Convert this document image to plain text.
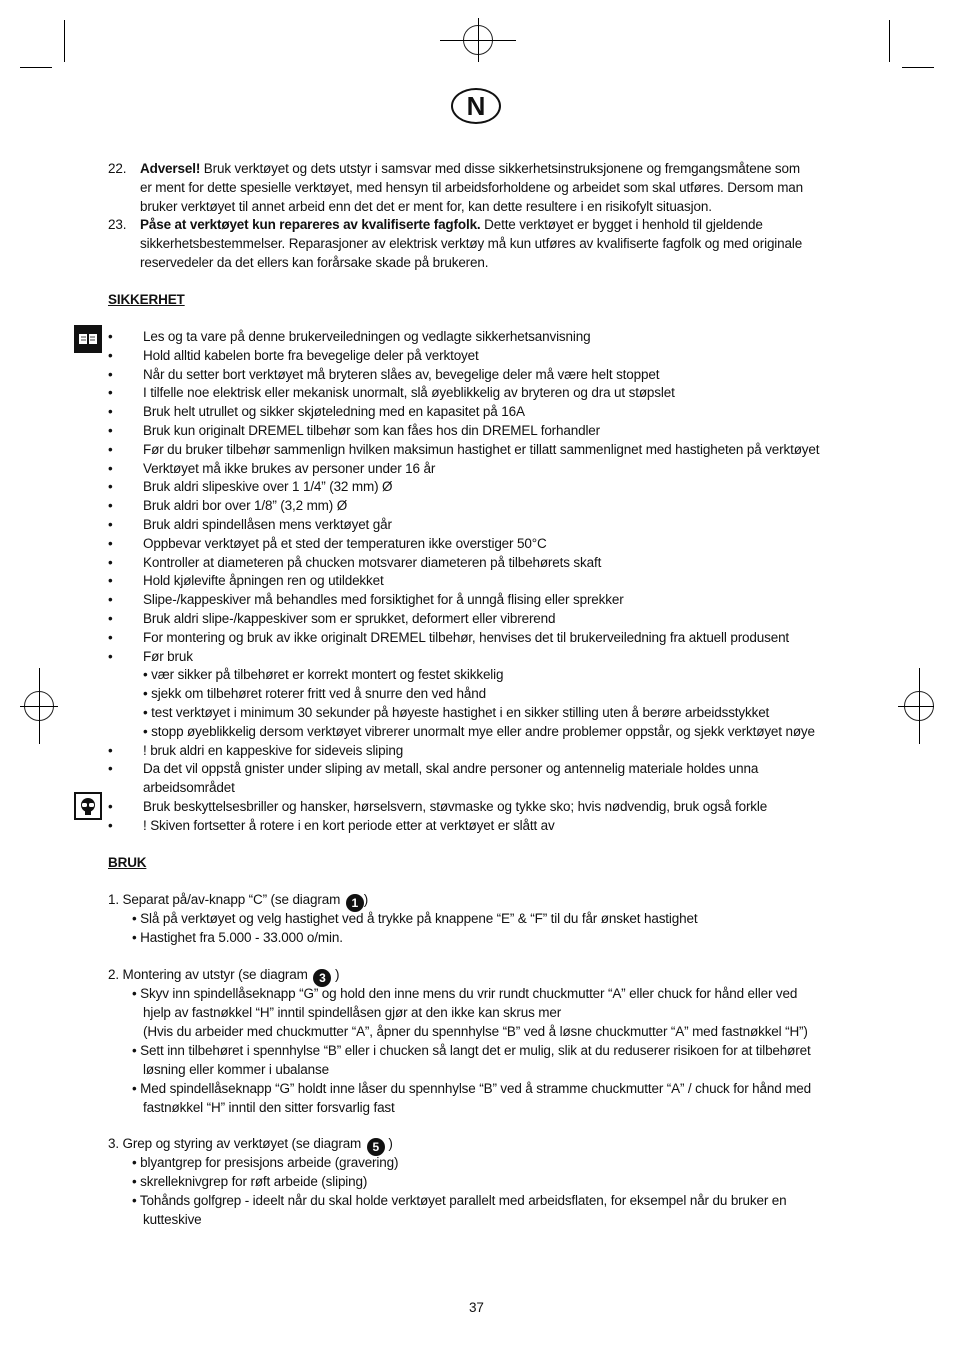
N
22. Adversel! Bruk verktøyet og dets utstyr i samsvar med disse sikkerhetsinstruksjonene og fremgangsmåtene som
er ment for dette spesielle verktøyet, med hensyn til arbeidsforholdene og arbeidet som skal utføres. Dersom man
bruker verktøyet til annet arbeid enn det det er ment for, kan dette resultere i en risikofylt situasjon.
23. Påse at verktøyet kun repareres av kvalifiserte fagfolk. Dette verktøyet er bygget i henhold til gjeldende
sikkerhetsbestemmelser. Reparasjoner av elektrisk verktøy må kun utføres av kvalifiserte fagfolk og med originale
reservedeler da det ellers kan forårsake skade på brukeren.
SIKKERHET
• Les og ta vare på denne brukerveiledningen og vedlagte sikkerhetsanvisning
• Hold alltid kabelen borte fra bevegelige deler på verktoyet
• Når du setter bort verktøyet må bryteren slåes av, bevegelige deler må være helt stoppet
• I tilfelle noe elektrisk eller mekanisk unormalt, slå øyeblikkelig av bryteren og dra ut støpslet
• Bruk helt utrullet og sikker skjøteledning med en kapasitet på 16A
• Bruk kun originalt DREMEL tilbehør som kan fåes hos din DREMEL forhandler
• Før du bruker tilbehør sammenlign hvilken maksimun hastighet er tillatt sammenlignet med hastigheten på verktøyet
• Verktøyet må ikke brukes av personer under 16 år
• Bruk aldri slipeskive over 1 1/4” (32 mm) Ø
• Bruk aldri bor over 1/8” (3,2 mm) Ø
• Bruk aldri spindellåsen mens verktøyet går
• Oppbevar verktøyet på et sted der temperaturen ikke overstiger 50°C
• Kontroller at diameteren på chucken motsvarer diameteren på tilbehørets skaft
• Hold kjølevifte åpningen ren og utildekket
• Slipe-/kappeskiver må behandles med forsiktighet for å unngå flising eller sprekker
• Bruk aldri slipe-/kappeskiver som er sprukket, deformert eller vibrerend
• For montering og bruk av ikke originalt DREMEL tilbehør, henvises det til brukerveiledning fra aktuell produsent
• Før bruk
• vær sikker på tilbehøret er korrekt montert og festet skikkelig
• sjekk om tilbehøret roterer fritt ved å snurre den ved hånd
• test verktøyet i minimum 30 sekunder på høyeste hastighet i en sikker stilling uten å berøre arbeidsstykket
• stopp øyeblikkelig dersom verktøyet vibrerer unormalt mye eller andre problemer oppstår, og sjekk verktøyet nøye
• ! bruk aldri en kappeskive for sideveis sliping
• Da det vil oppstå gnister under sliping av metall, skal andre personer og antennelig materiale holdes unna
arbeidsområdet
• Bruk beskyttelsesbriller og hansker, hørselsvern, støvmaske og tykke sko; hvis nødvendig, bruk også forkle
• ! Skiven fortsetter å rotere i en kort periode etter at verktøyet er slått av
BRUK
1. Separat på/av-knapp “C” (se diagram 1 )
• Slå på verktøyet og velg hastighet ved å trykke på knappene “E” & “F” til du får ønsket hastighet
• Hastighet fra 5.000 - 33.000 o/min.
2. Montering av utstyr (se diagram 3 )
• Skyv inn spindellåseknapp “G” og hold den inne mens du vrir rundt chuckmutter “A” eller chuck for hånd eller ved
hjelp av fastnøkkel “H” inntil spindellåsen gjør at den ikke kan skrus mer
(Hvis du arbeider med chuckmutter “A”, åpner du spennhylse “B” ved å løsne chuckmutter “A” med fastnøkkel “H”)
• Sett inn tilbehøret i spennhylse “B” eller i chucken så langt det er mulig, slik at du reduserer risikoen for at tilbehøret
løsning eller kommer i ubalanse
• Med spindellåseknapp “G” holdt inne låser du spennhylse “B” ved å stramme chuckmutter “A” / chuck for hånd med
fastnøkkel “H” inntil den sitter forsvarlig fast
3. Grep og styring av verktøyet (se diagram 5 )
• blyantgrep for presisjons arbeide (gravering)
• skrelleknivgrep for røft arbeide (sliping)
• Tohånds golfgrep - ideelt når du skal holde verktøyet parallelt med arbeidsflaten, for eksempel når du bruker en
kutteskive
37
